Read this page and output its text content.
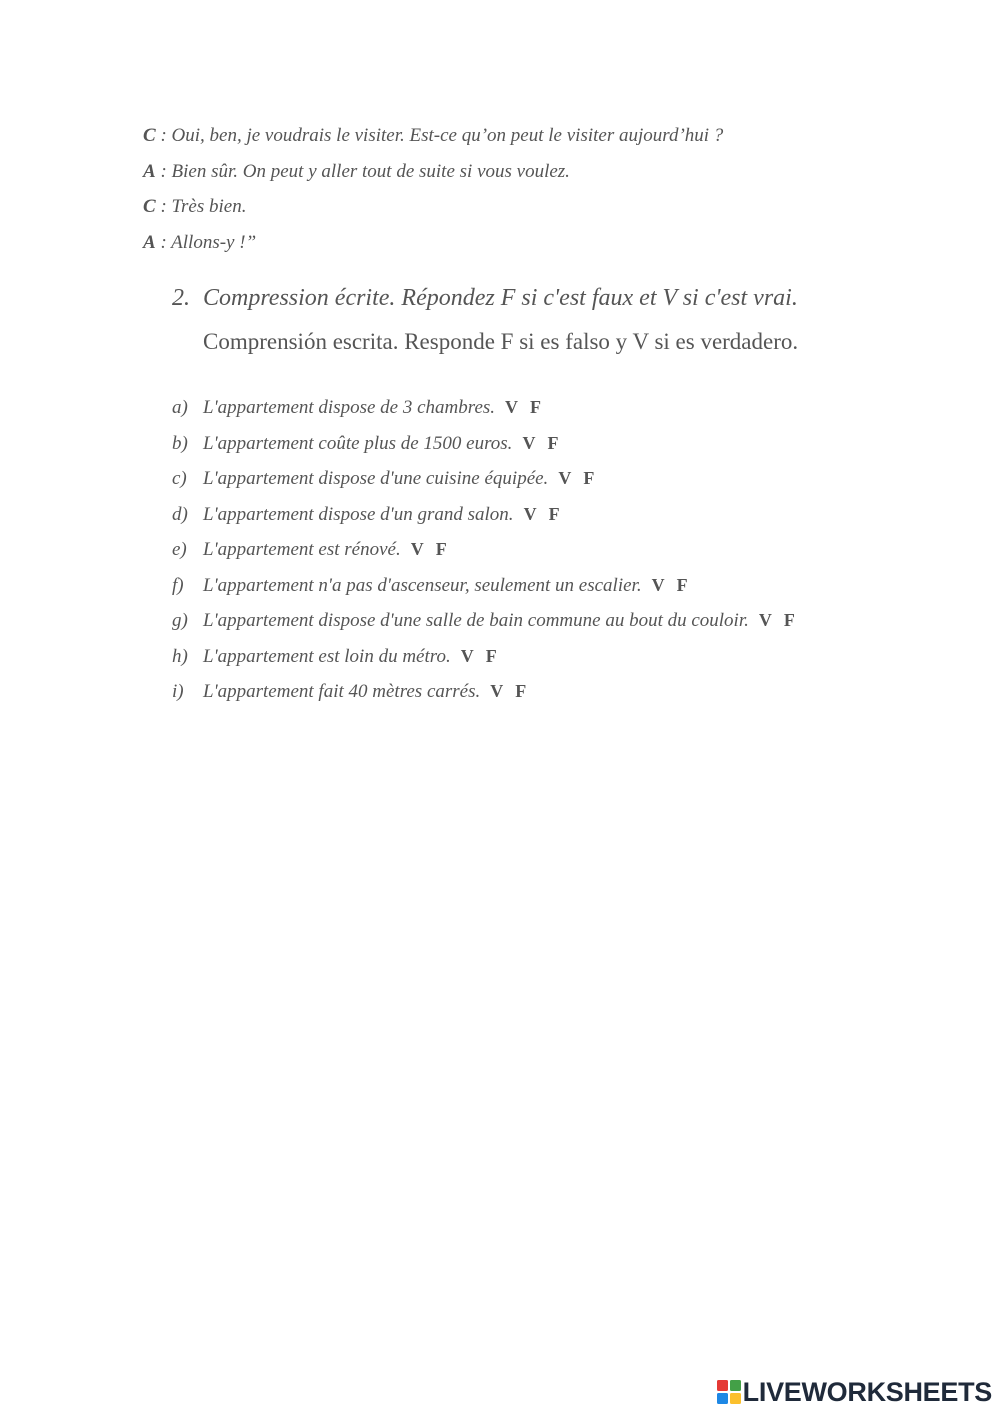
C : Oui, ben, je voudrais le visiter. Est-ce qu’on peut le visiter aujourd’hui ?
A : Bien sûr. On peut y aller tout de suite si vous voulez.
C : Très bien.
A : Allons-y !”
2. Compression écrite. Répondez F si c'est faux et V si c'est vrai.
Comprensión escrita. Responde F si es falso y V si es verdadero.
a) L'appartement dispose de 3 chambres. V F
b) L'appartement coûte plus de 1500 euros. V F
c) L'appartement dispose d'une cuisine équipée. V F
d) L'appartement dispose d'un grand salon. V F
e) L'appartement est rénové. V F
f) L'appartement n'a pas d'ascenseur, seulement un escalier. V F
g) L'appartement dispose d'une salle de bain commune au bout du couloir. V F
h) L'appartement est loin du métro. V F
i) L'appartement fait 40 mètres carrés. V F
LIVEWORKSHEETS
